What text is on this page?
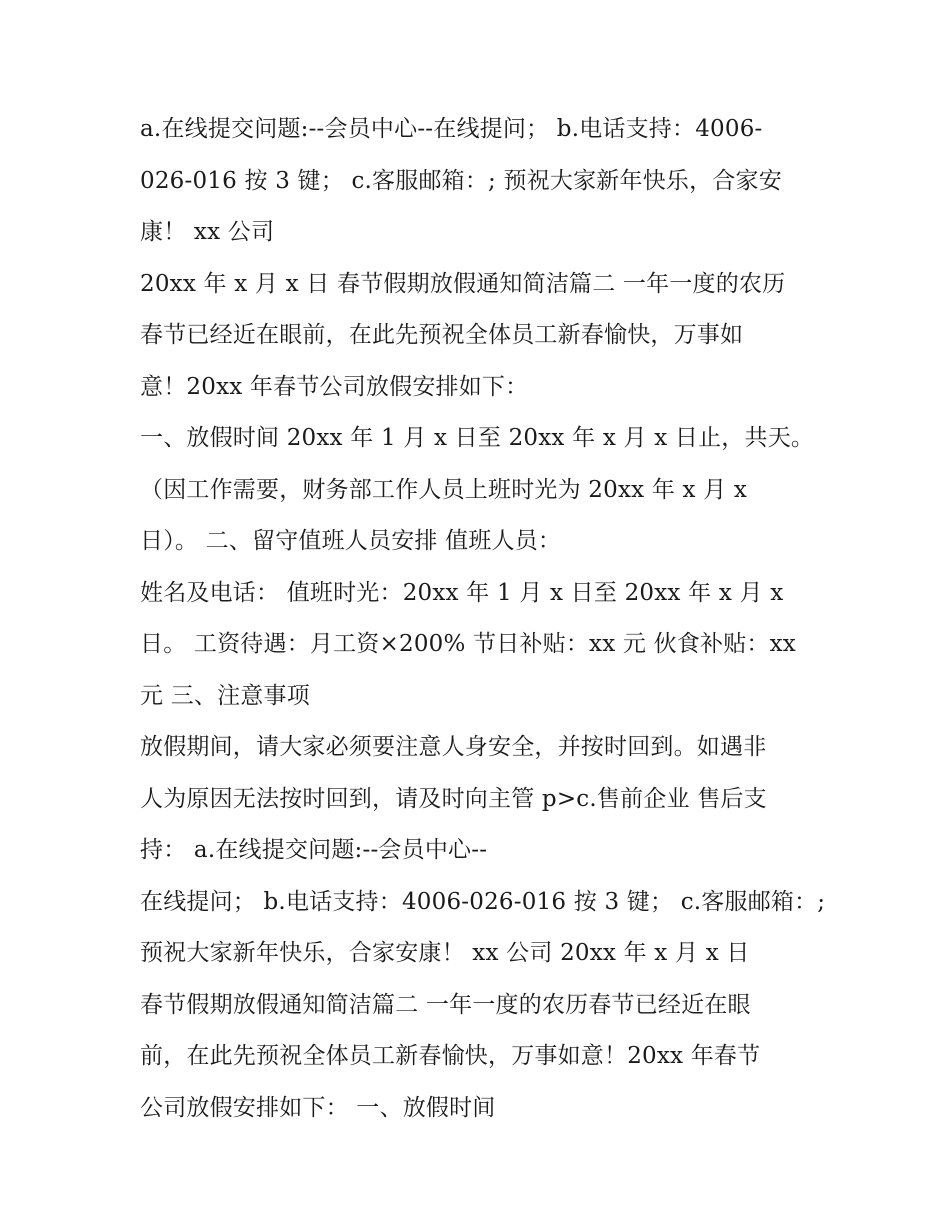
a.在线提交问题:--会员中心--在线提问； b.电话支持：4006-
026-016 按 3 键； c.客服邮箱：; 预祝大家新年快乐，合家安
康！ xx 公司
20xx 年 x 月 x 日 春节假期放假通知简洁篇二 一年一度的农历
春节已经近在眼前，在此先预祝全体员工新春愉快，万事如
意！20xx 年春节公司放假安排如下：
一、放假时间 20xx 年 1 月 x 日至 20xx 年 x 月 x 日止，共天。
（因工作需要，财务部工作人员上班时光为 20xx 年 x 月 x
日）。 二、留守值班人员安排 值班人员：
姓名及电话： 值班时光：20xx 年 1 月 x 日至 20xx 年 x 月 x
日。 工资待遇：月工资×200% 节日补贴：xx 元 伙食补贴：xx
元 三、注意事项
放假期间，请大家必须要注意人身安全，并按时回到。如遇非
人为原因无法按时回到，请及时向主管 p>c.售前企业 售后支
持： a.在线提交问题:--会员中心--
在线提问； b.电话支持：4006-026-016 按 3 键； c.客服邮箱：;
预祝大家新年快乐，合家安康！ xx 公司 20xx 年 x 月 x 日
春节假期放假通知简洁篇二 一年一度的农历春节已经近在眼
前，在此先预祝全体员工新春愉快，万事如意！20xx 年春节
公司放假安排如下： 一、放假时间
